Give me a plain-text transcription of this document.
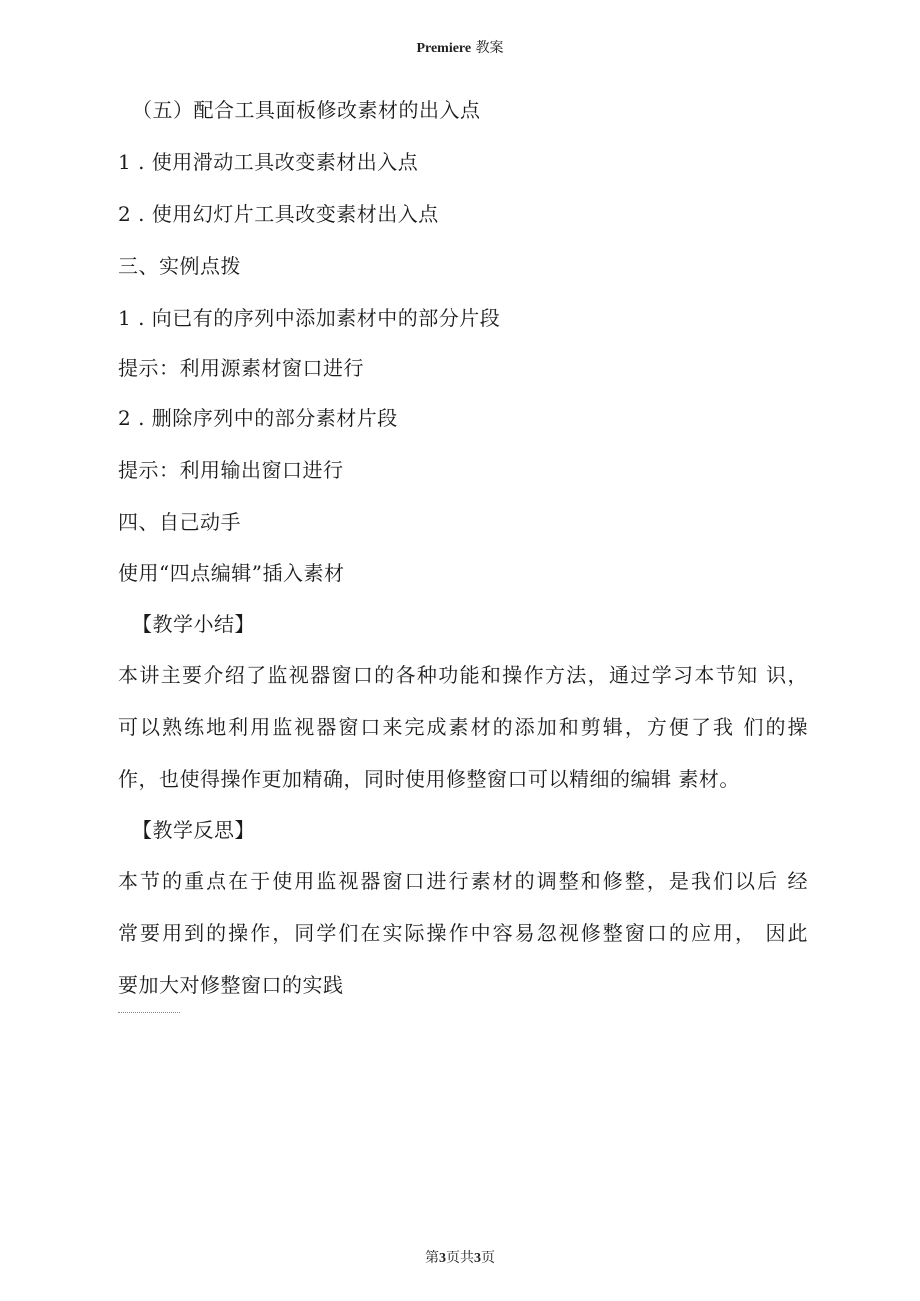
Premiere 教案
（五）配合工具面板修改素材的出入点
1 . 使用滑动工具改变素材出入点
2 . 使用幻灯片工具改变素材出入点
三、实例点拨
1 . 向已有的序列中添加素材中的部分片段
提示：利用源素材窗口进行
2 . 删除序列中的部分素材片段
提示：利用输出窗口进行
四、自己动手
使用“四点编辑”插入素材
【教学小结】
本讲主要介绍了监视器窗口的各种功能和操作方法，通过学习本节知 识，
可以熟练地利用监视器窗口来完成素材的添加和剪辑，方便了我 们的操
作，也使得操作更加精确，同时使用修整窗口可以精细的编辑 素材。
【教学反思】
本节的重点在于使用监视器窗口进行素材的调整和修整，是我们以后 经
常要用到的操作，同学们在实际操作中容易忽视修整窗口的应用， 因此
要加大对修整窗口的实践
第3页共3页
